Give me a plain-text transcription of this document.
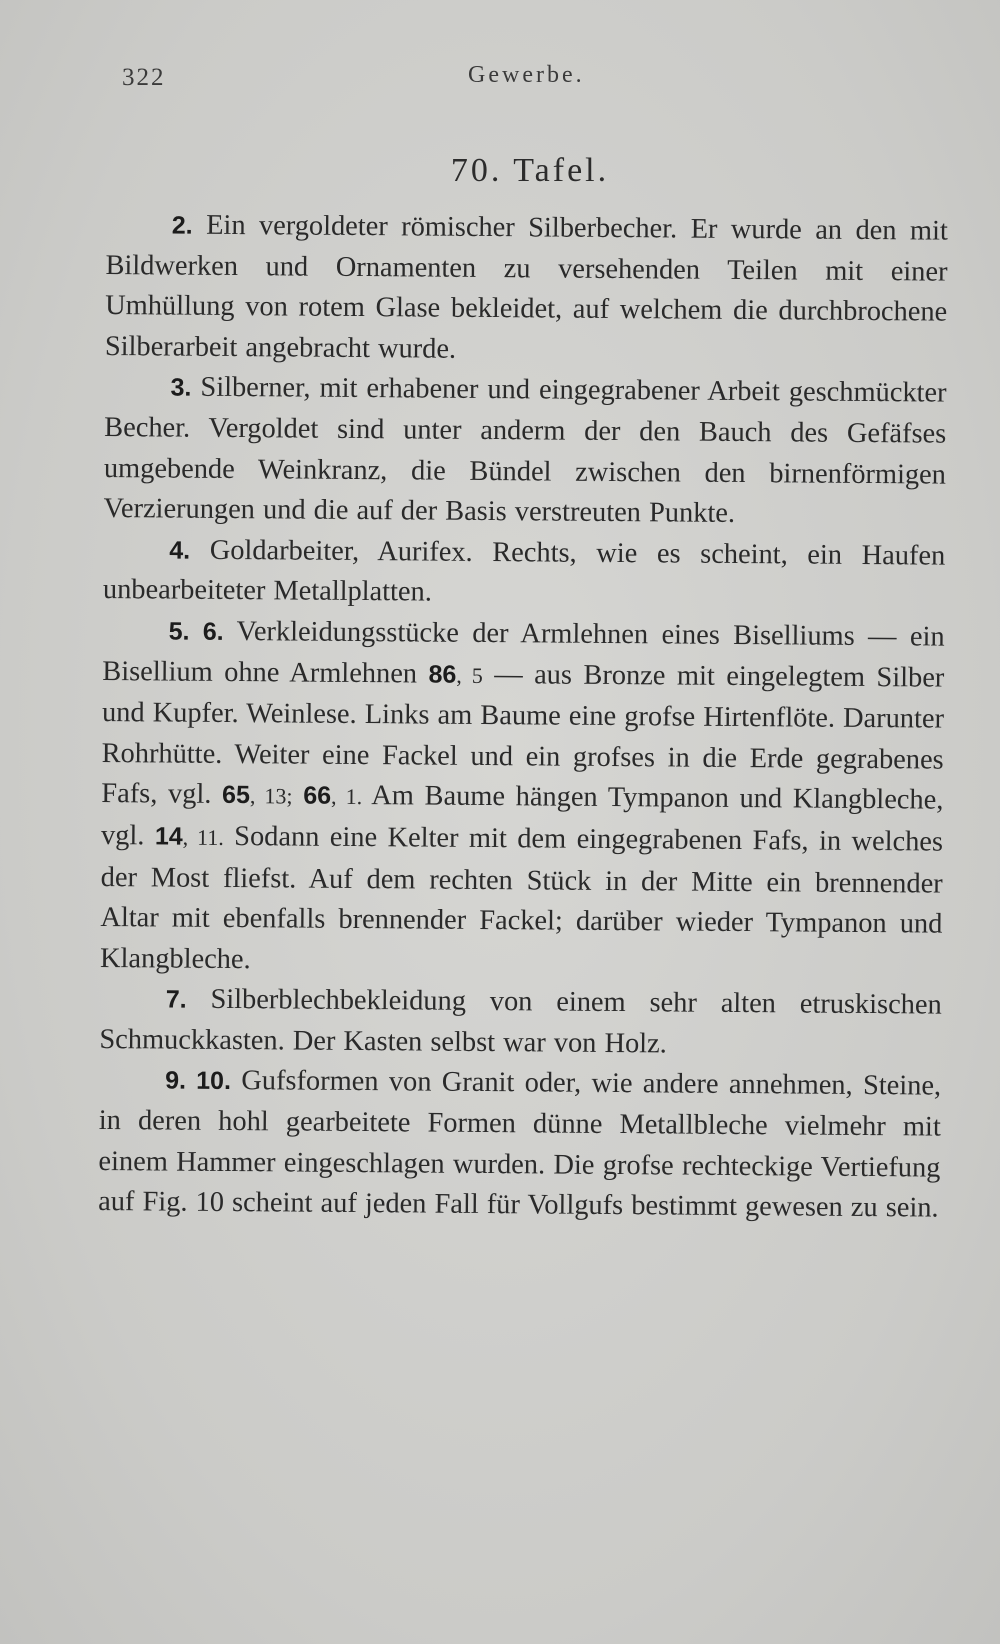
322	Gewerbe.
70. Tafel.

2. Ein vergoldeter römischer Silberbecher. Er wurde an den mit Bildwerken und Ornamenten zu versehenden Teilen mit einer Umhüllung von rotem Glase bekleidet, auf welchem die durchbrochene Silberarbeit angebracht wurde.

3. Silberner, mit erhabener und eingegrabener Arbeit geschmückter Becher. Vergoldet sind unter anderm der den Bauch des Gefäfses umgebende Weinkranz, die Bündel zwischen den birnenförmigen Verzierungen und die auf der Basis verstreuten Punkte.

4. Goldarbeiter, Aurifex. Rechts, wie es scheint, ein Haufen unbearbeiteter Metallplatten.

5. 6. Verkleidungsstücke der Armlehnen eines Biselliums — ein Bisellium ohne Armlehnen 86, 5 — aus Bronze mit eingelegtem Silber und Kupfer. Weinlese. Links am Baume eine grofse Hirtenflöte. Darunter Rohrhütte. Weiter eine Fackel und ein grofses in die Erde gegrabenes Fafs, vgl. 65, 13; 66, 1. Am Baume hängen Tympanon und Klangbleche, vgl. 14, 11. Sodann eine Kelter mit dem eingegrabenen Fafs, in welches der Most fliefst. Auf dem rechten Stück in der Mitte ein brennender Altar mit ebenfalls brennender Fackel; darüber wieder Tympanon und Klangbleche.

7. Silberblechbekleidung von einem sehr alten etruskischen Schmuckkasten. Der Kasten selbst war von Holz.

9. 10. Gufsformen von Granit oder, wie andere annehmen, Steine, in deren hohl gearbeitete Formen dünne Metallbleche vielmehr mit einem Hammer eingeschlagen wurden. Die grofse rechteckige Vertiefung auf Fig. 10 scheint auf jeden Fall für Vollgufs bestimmt gewesen zu sein.
